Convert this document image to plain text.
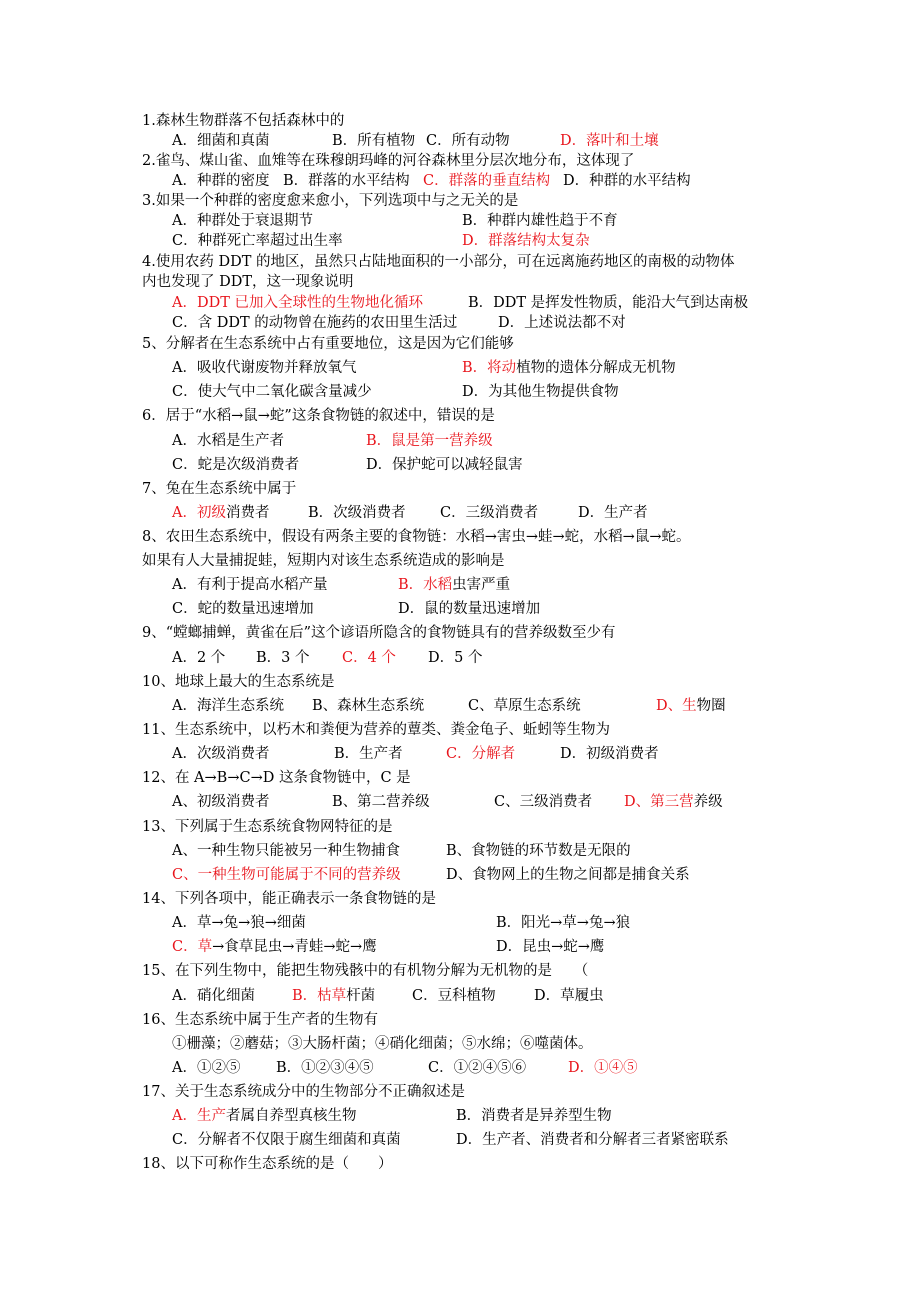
1.森林生物群落不包括森林中的
A．细菌和真菌	B．所有植物 C．所有动物	D．落叶和土壤
2.雀鸟、煤山雀、血雉等在珠穆朗玛峰的河谷森林里分层次地分布，这体现了
A．种群的密度 B．群落的水平结构 C．群落的垂直结构 D．种群的水平结构
3.如果一个种群的密度愈来愈小，下列选项中与之无关的是
A．种群处于衰退期节	B．种群内雄性趋于不育
C．种群死亡率超过出生率	D．群落结构太复杂
4.使用农药 DDT 的地区，虽然只占陆地面积的一小部分，可在远离施药地区的南极的动物体
内也发现了 DDT，这一现象说明
A．DDT 已加入全球性的生物地化循环	B．DDT 是挥发性物质，能沿大气到达南极
C．含 DDT 的动物曾在施药的农田里生活过	D．上述说法都不对
5、分解者在生态系统中占有重要地位，这是因为它们能够
A．吸收代谢废物并释放氧气	B．将动植物的遗体分解成无机物
C．使大气中二氧化碳含量减少	D．为其他生物提供食物
6．居于“水稻→鼠→蛇”这条食物链的叙述中，错误的是
A．水稻是生产者	B．鼠是第一营养级
C．蛇是次级消费者	D．保护蛇可以减轻鼠害
7、兔在生态系统中属于
A．初级消费者	B．次级消费者 C．三级消费者	D．生产者
8、农田生态系统中，假设有两条主要的食物链：水稻→害虫→蛙→蛇，水稻→鼠→蛇。
如果有人大量捕捉蛙，短期内对该生态系统造成的影响是
A．有利于提高水稻产量	B．水稻虫害严重
C．蛇的数量迅速增加	D．鼠的数量迅速增加
9、“螳螂捕蝉，黄雀在后”这个谚语所隐含的食物链具有的营养级数至少有
A．2 个 B．3 个 C．4 个 D．5 个
10、地球上最大的生态系统是
A．海洋生态系统 B、森林生态系统	C、草原生态系统	D、生物圈
11、生态系统中，以朽木和粪便为营养的蕈类、粪金龟子、蚯蚓等生物为
A．次级消费者	B．生产者	C．分解者	D．初级消费者
12、在 A→B→C→D 这条食物链中，C 是
A、初级消费者	B、第二营养级	C、三级消费者 D、第三营养级
13、下列属于生态系统食物网特征的是
A、一种生物只能被另一种生物捕食	B、食物链的环节数是无限的
C、一种生物可能属于不同的营养级	D、食物网上的生物之间都是捕食关系
14、下列各项中，能正确表示一条食物链的是
A．草→兔→狼→细菌	B．阳光→草→兔→狼
C．草→食草昆虫→青蛙→蛇→鹰	D．昆虫→蛇→鹰
15、在下列生物中，能把生物残骸中的有机物分解为无机物的是　　（
A．硝化细菌	B．枯草杆菌	C．豆科植物	D．草履虫
16、生态系统中属于生产者的生物有
①栅藻；②蘑菇；③大肠杆菌；④硝化细菌；⑤水绵；⑥噬菌体。
A．①②⑤ B．①②③④⑤	C．①②④⑤⑥	D．①④⑤
17、关于生态系统成分中的生物部分不正确叙述是
A．生产者属自养型真核生物	B．消费者是异养型生物
C．分解者不仅限于腐生细菌和真菌	D．生产者、消费者和分解者三者紧密联系
18、以下可称作生态系统的是（　　）
